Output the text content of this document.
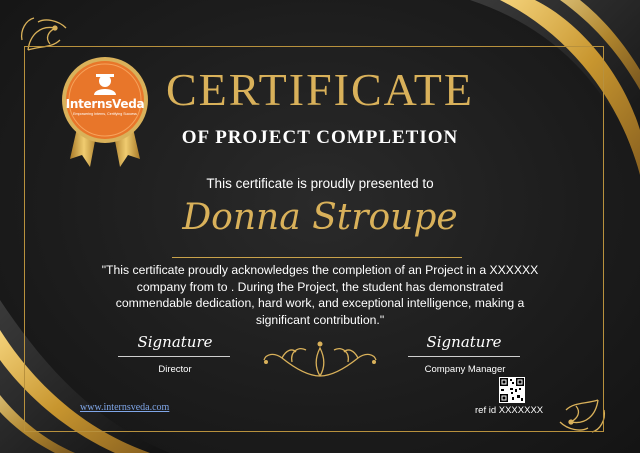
InternsVeda
Empowering Interns, Certifying Success CERTIFICATE
OF PROJECT COMPLETION
This certificate is proudly presented to
Donna Stroupe
"This certificate proudly acknowledges the completion of an Project in a XXXXXX company from to . During the Project, the student has demonstrated commendable dedication, hard work, and exceptional intelligence, making a significant contribution."
Signature
Director
Signature
Company Manager
www.internsveda.com	ref id XXXXXXX
